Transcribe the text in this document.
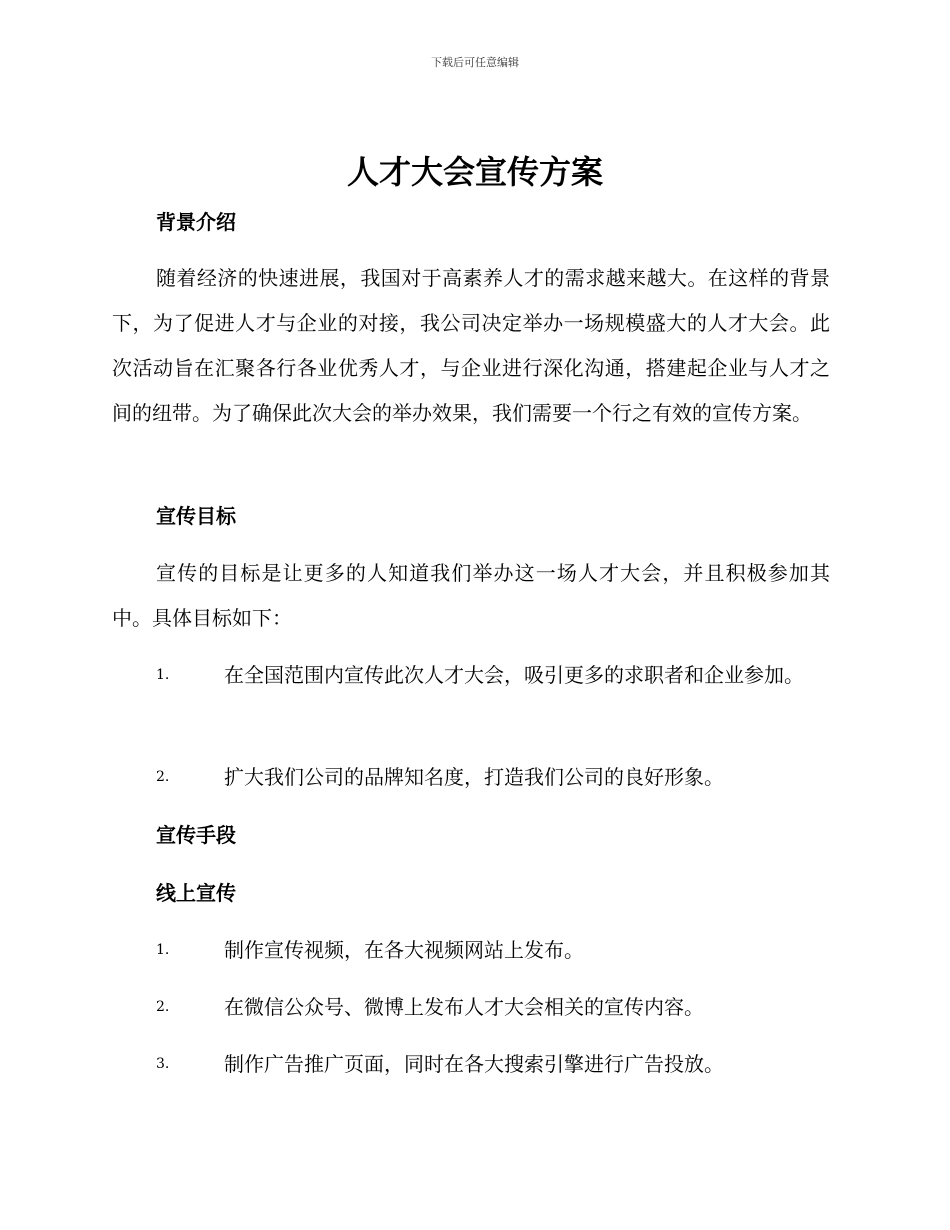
下载后可任意编辑
人才大会宣传方案
背景介绍

随着经济的快速进展，我国对于高素养人才的需求越来越大。在这样的背景下，为了促进人才与企业的对接，我公司决定举办一场规模盛大的人才大会。此次活动旨在汇聚各行各业优秀人才，与企业进行深化沟通，搭建起企业与人才之间的纽带。为了确保此次大会的举办效果，我们需要一个行之有效的宣传方案。

宣传目标

宣传的目标是让更多的人知道我们举办这一场人才大会，并且积极参加其中。具体目标如下：

1.	在全国范围内宣传此次人才大会，吸引更多的求职者和企业参加。
2.	扩大我们公司的品牌知名度，打造我们公司的良好形象。
宣传手段
线上宣传
1.	制作宣传视频，在各大视频网站上发布。
2.	在微信公众号、微博上发布人才大会相关的宣传内容。
3.	制作广告推广页面，同时在各大搜索引擎进行广告投放。
